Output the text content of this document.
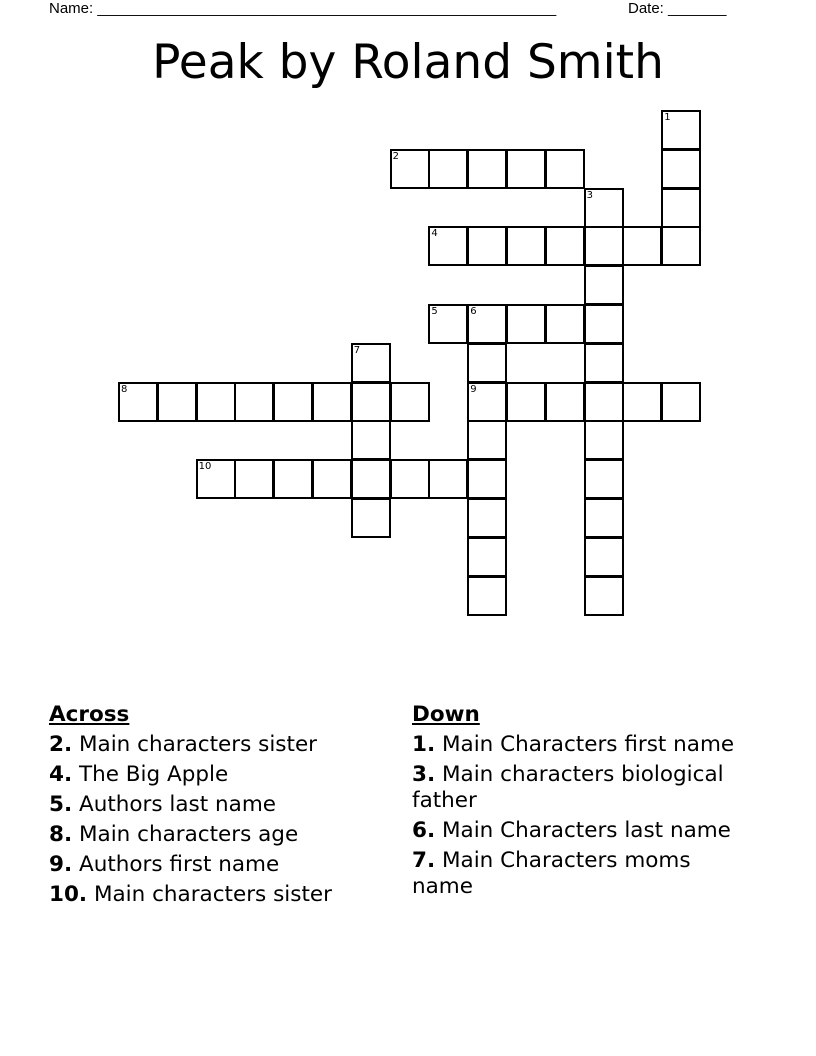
Name: _______________________________________________________	Date: _______
Peak by Roland Smith
1
2
3
4
5	6
9
7
8
10
Across
2. Main characters sister
4. The Big Apple
5. Authors last name
8. Main characters age
9. Authors first name
10. Main characters sister
Down
1. Main Characters first name
3. Main characters biological father
6. Main Characters last name
7. Main Characters moms name
